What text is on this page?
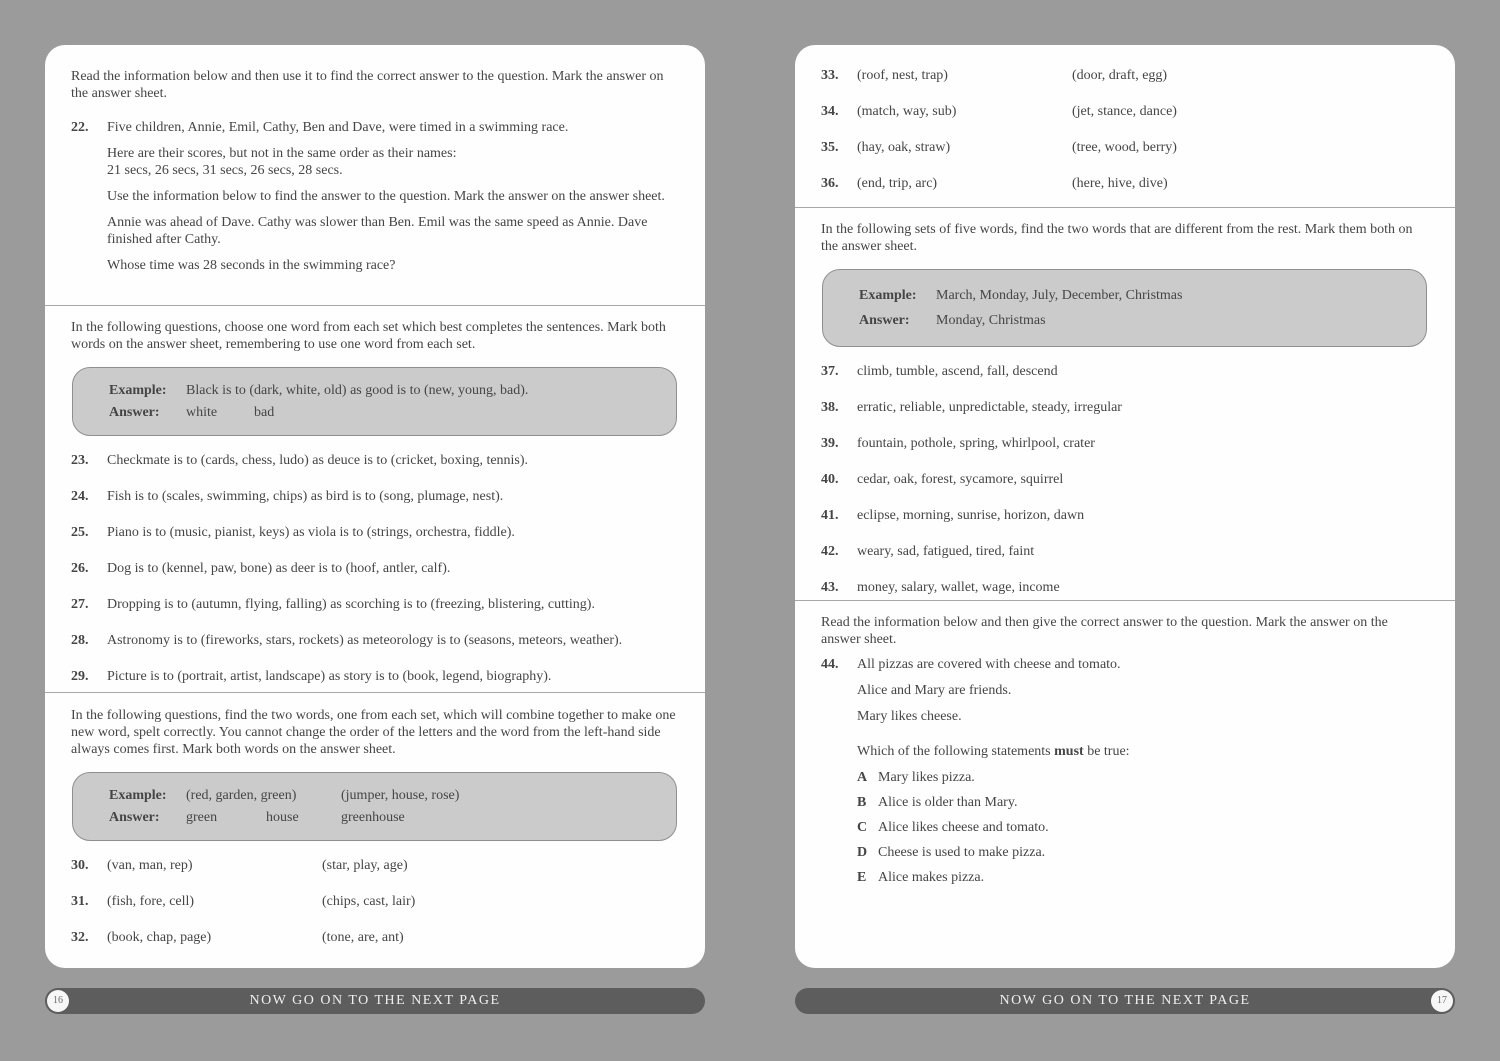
Read the information below and then use it to find the correct answer to the question. Mark the answer on the answer sheet.

22.	Five children, Annie, Emil, Cathy, Ben and Dave, were timed in a swimming race.

Here are their scores, but not in the same order as their names:
21 secs, 26 secs, 31 secs, 26 secs, 28 secs.

Use the information below to find the answer to the question. Mark the answer on the answer sheet.

Annie was ahead of Dave. Cathy was slower than Ben. Emil was the same speed as Annie. Dave finished after Cathy.

Whose time was 28 seconds in the swimming race?

In the following questions, choose one word from each set which best completes the sentences. Mark both words on the answer sheet, remembering to use one word from each set.

Example:	Black is to (dark, white, old) as good is to (new, young, bad).
Answer:	white	bad
23.	Checkmate is to (cards, chess, ludo) as deuce is to (cricket, boxing, tennis).
24.	Fish is to (scales, swimming, chips) as bird is to (song, plumage, nest).
25.	Piano is to (music, pianist, keys) as viola is to (strings, orchestra, fiddle).
26.	Dog is to (kennel, paw, bone) as deer is to (hoof, antler, calf).
27.	Dropping is to (autumn, flying, falling) as scorching is to (freezing, blistering, cutting).
28.	Astronomy is to (fireworks, stars, rockets) as meteorology is to (seasons, meteors, weather).
29.	Picture is to (portrait, artist, landscape) as story is to (book, legend, biography).

In the following questions, find the two words, one from each set, which will combine together to make one new word, spelt correctly. You cannot change the order of the letters and the word from the left-hand side always comes first. Mark both words on the answer sheet.

Example:	(red, garden, green)	(jumper, house, rose)
Answer:	green	house	greenhouse
30.	(van, man, rep)	(star, play, age)
31.	(fish, fore, cell)	(chips, cast, lair)
32.	(book, chap, page)	(tone, are, ant)
33.	(roof, nest, trap)	(door, draft, egg)
34.	(match, way, sub)	(jet, stance, dance)
35.	(hay, oak, straw)	(tree, wood, berry)
36.	(end, trip, arc)	(here, hive, dive)

In the following sets of five words, find the two words that are different from the rest. Mark them both on the answer sheet.

Example:	March, Monday, July, December, Christmas
Answer:	Monday, Christmas
37.	climb, tumble, ascend, fall, descend
38.	erratic, reliable, unpredictable, steady, irregular
39.	fountain, pothole, spring, whirlpool, crater
40.	cedar, oak, forest, sycamore, squirrel
41.	eclipse, morning, sunrise, horizon, dawn
42.	weary, sad, fatigued, tired, faint
43.	money, salary, wallet, wage, income

Read the information below and then give the correct answer to the question. Mark the answer on the answer sheet.

44.	All pizzas are covered with cheese and tomato.

Alice and Mary are friends.

Mary likes cheese.

Which of the following statements must be true:

A Mary likes pizza.
B Alice is older than Mary.
C Alice likes cheese and tomato.
D Cheese is used to make pizza.
E Alice makes pizza.
16	NOW GO ON TO THE NEXT PAGE	NOW GO ON TO THE NEXT PAGE	17
